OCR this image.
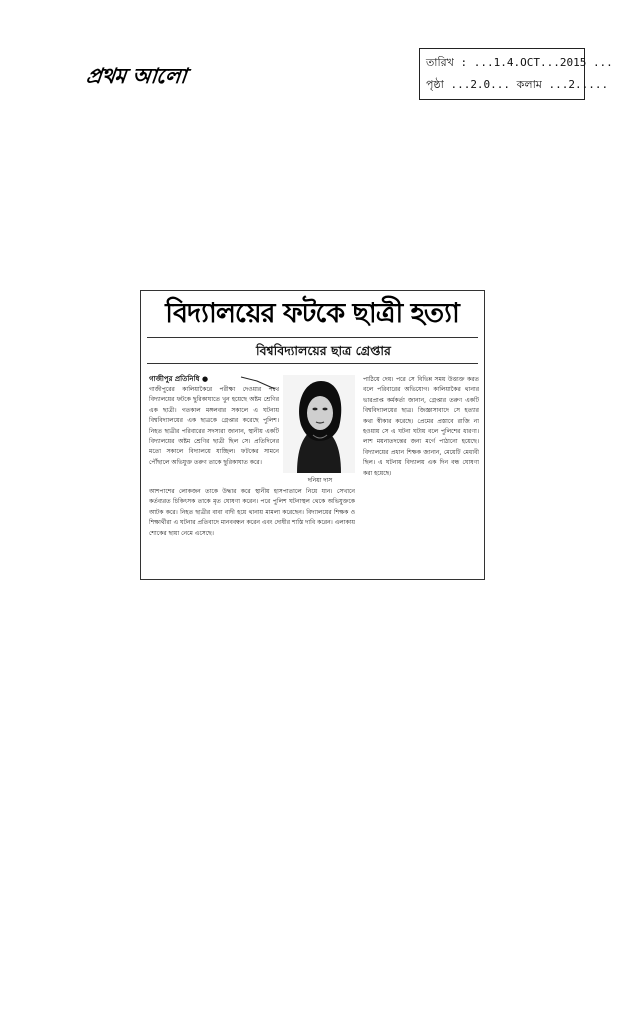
প্রথম আলো
তারিখ : ...1.4.OCT...2015 ...
পৃষ্ঠা ...2.0... কলাম ...2.....
বিদ্যালয়ের ফটকে ছাত্রী হত্যা
বিশ্ববিদ্যালয়ের ছাত্র গ্রেপ্তার
গাজীপুর প্রতিনিধি ●
গাজীপুরের কালিয়াকৈরে পরীক্ষা দেওয়ার পথে বিদ্যালয়ের ফটকে ছুরিকাঘাতে খুন হয়েছে অষ্টম শ্রেণির এক ছাত্রী। গতকাল মঙ্গলবার সকালে এ ঘটনায় বিশ্ববিদ্যালয়ের এক ছাত্রকে গ্রেপ্তার করেছে পুলিশ। নিহত ছাত্রীর পরিবারের সদস্যরা জানান, স্থানীয় একটি বিদ্যালয়ের অষ্টম শ্রেণির ছাত্রী ছিল সে। প্রতিদিনের মতো সকালে বিদ্যালয়ে যাচ্ছিল। ফটকের সামনে পৌঁছালে অভিযুক্ত তরুণ তাকে ছুরিকাঘাত করে।
দনিয়া দাস
আশপাশের লোকজন তাকে উদ্ধার করে স্থানীয় হাসপাতালে নিয়ে যান। সেখানে কর্তব্যরত চিকিৎসক তাকে মৃত ঘোষণা করেন। পরে পুলিশ ঘটনাস্থল থেকে অভিযুক্তকে আটক করে। নিহত ছাত্রীর বাবা বাদী হয়ে থানায় মামলা করেছেন। বিদ্যালয়ের শিক্ষক ও শিক্ষার্থীরা এ ঘটনার প্রতিবাদে মানববন্ধন করেন এবং দোষীর শাস্তি দাবি করেন। এলাকায় শোকের ছায়া নেমে এসেছে।
পাঠিয়ে দেয়। পরে সে বিভিন্ন সময় উত্ত্যক্ত করত বলে পরিবারের অভিযোগ। কালিয়াকৈর থানার ভারপ্রাপ্ত কর্মকর্তা জানান, গ্রেপ্তার তরুণ একটি বিশ্ববিদ্যালয়ের ছাত্র। জিজ্ঞাসাবাদে সে হত্যার কথা স্বীকার করেছে। প্রেমের প্রস্তাবে রাজি না হওয়ায় সে এ ঘটনা ঘটায় বলে পুলিশের ধারণা। লাশ ময়নাতদন্তের জন্য মর্গে পাঠানো হয়েছে। বিদ্যালয়ের প্রধান শিক্ষক জানান, মেয়েটি মেধাবী ছিল। এ ঘটনায় বিদ্যালয় এক দিন বন্ধ ঘোষণা করা হয়েছে।
